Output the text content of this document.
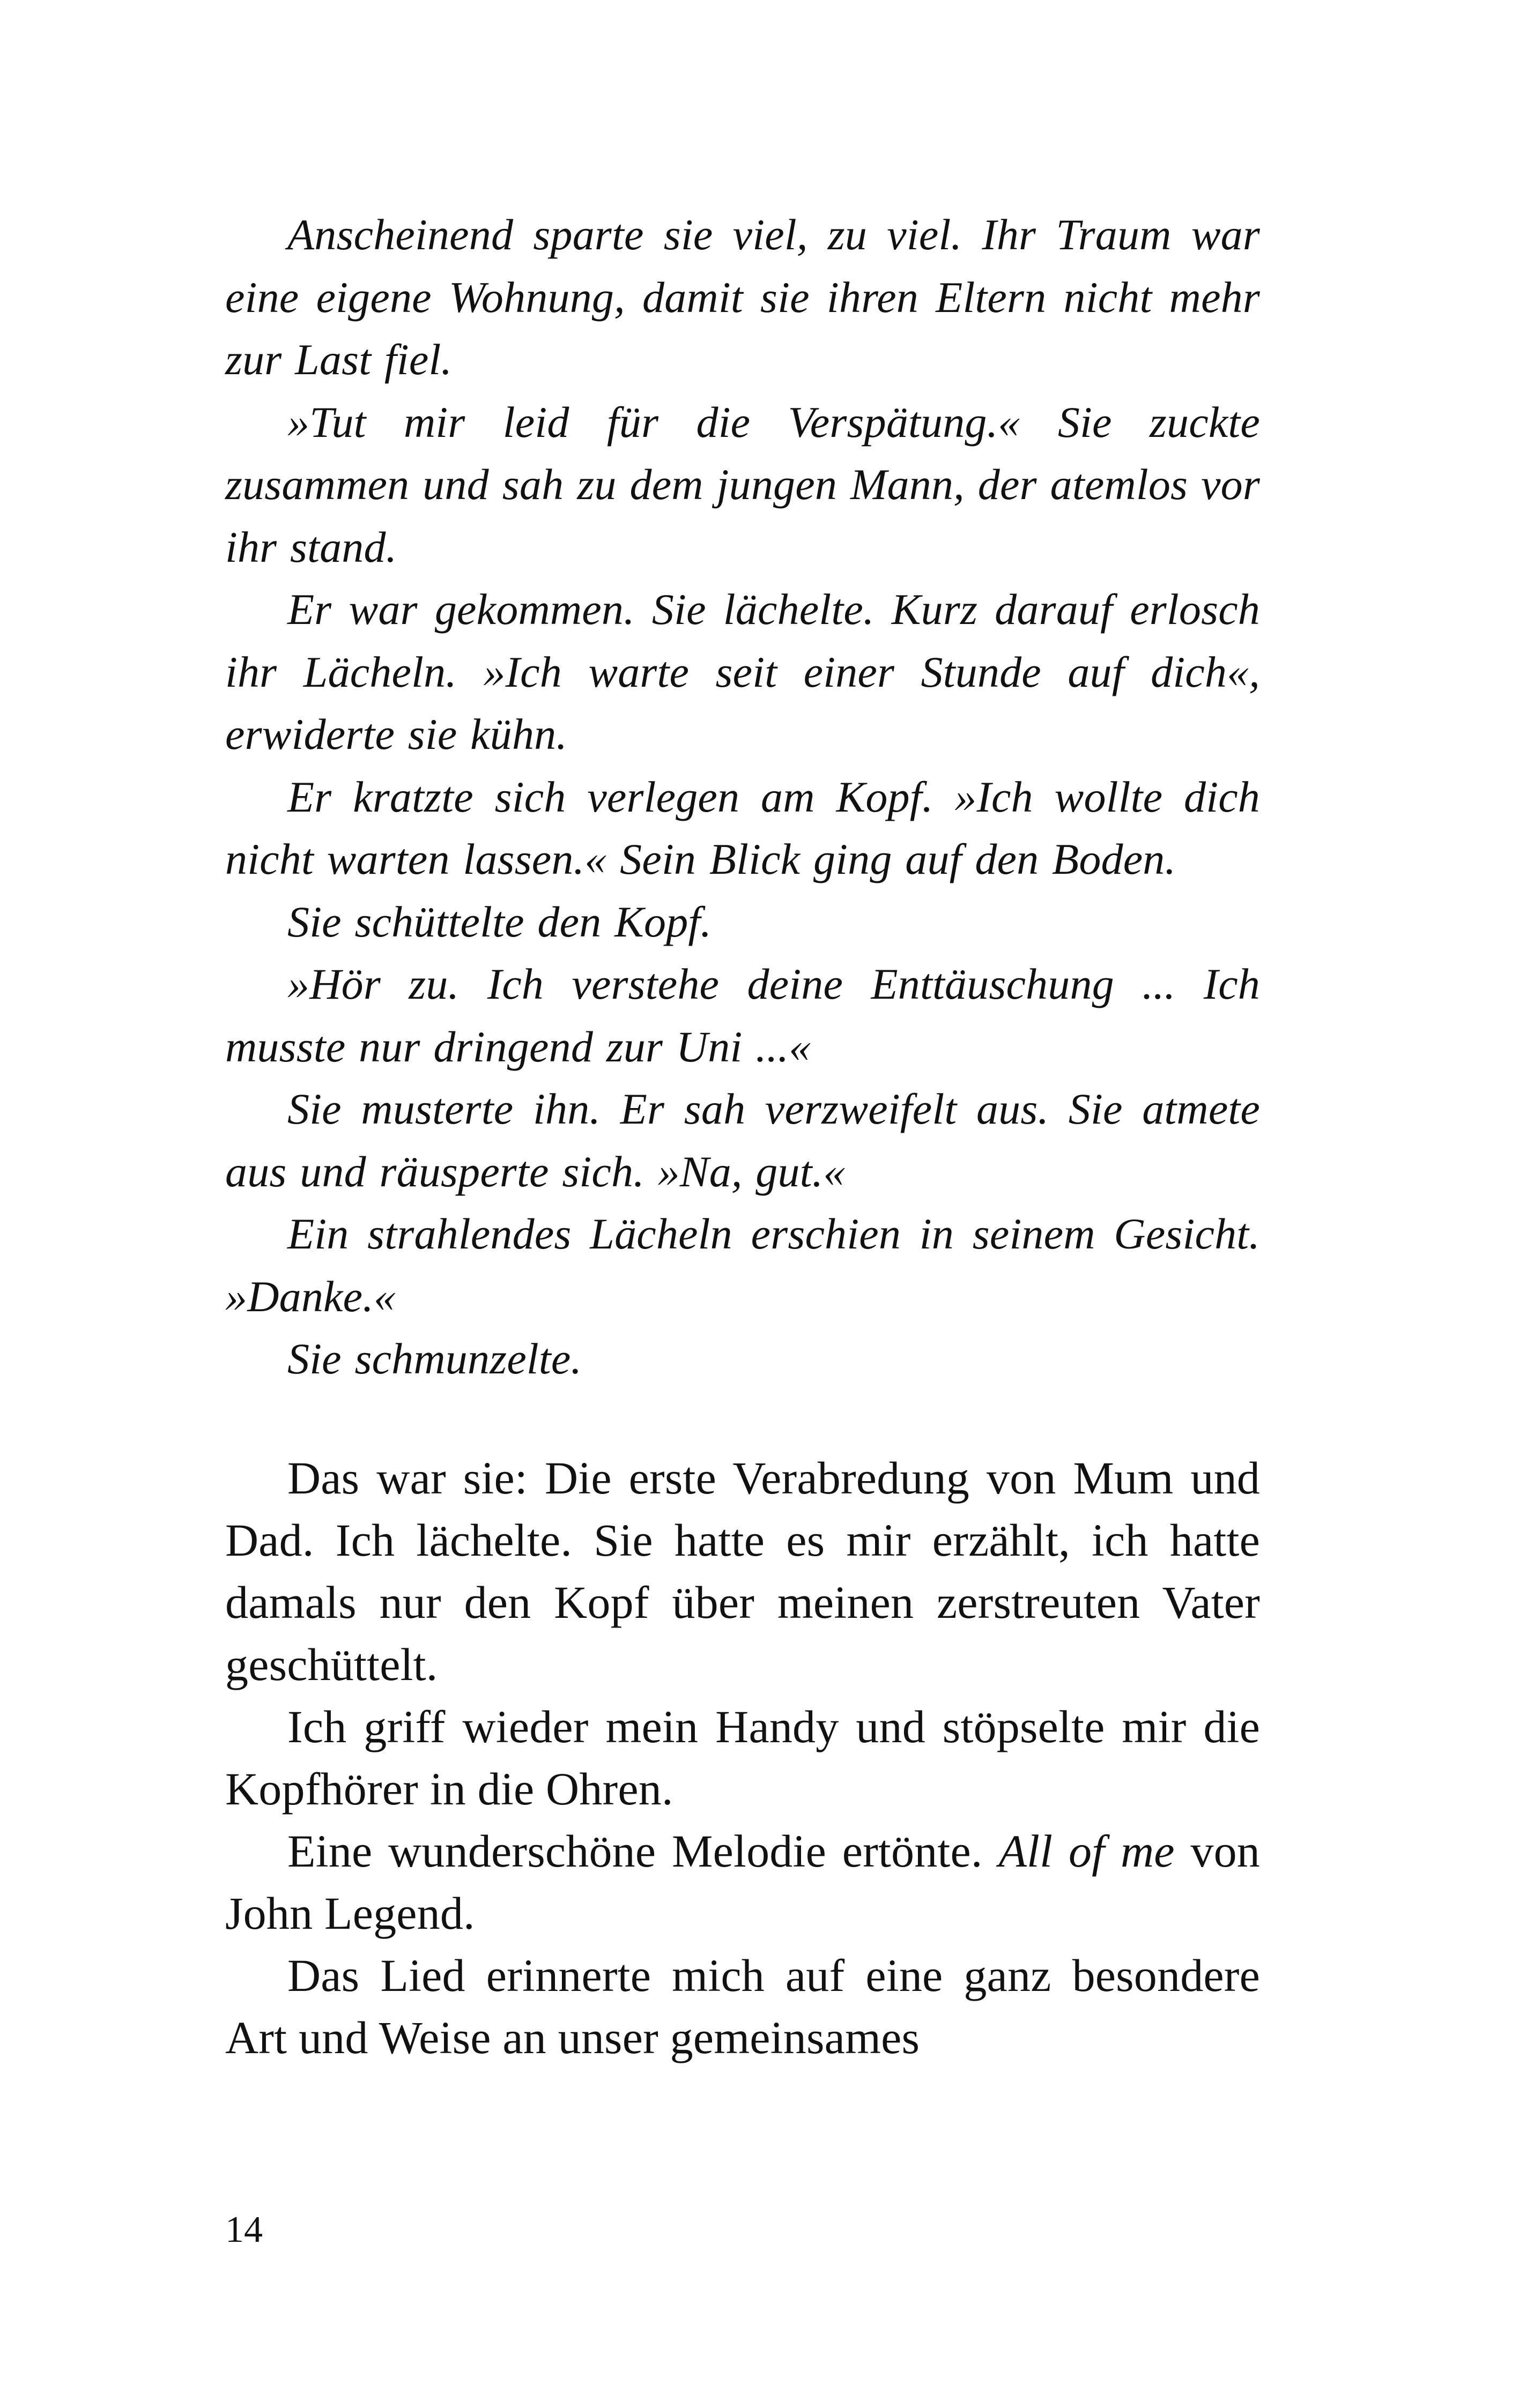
Anscheinend sparte sie viel, zu viel. Ihr Traum war eine eigene Wohnung, damit sie ihren Eltern nicht mehr zur Last fiel.

»Tut mir leid für die Verspätung.« Sie zuckte zusammen und sah zu dem jungen Mann, der atemlos vor ihr stand.

Er war gekommen. Sie lächelte. Kurz darauf erlosch ihr Lächeln. »Ich warte seit einer Stunde auf dich«, erwiderte sie kühn.

Er kratzte sich verlegen am Kopf. »Ich wollte dich nicht warten lassen.« Sein Blick ging auf den Boden.

Sie schüttelte den Kopf.

»Hör zu. Ich verstehe deine Enttäuschung ... Ich musste nur dringend zur Uni ...«

Sie musterte ihn. Er sah verzweifelt aus. Sie atmete aus und räusperte sich. »Na, gut.«

Ein strahlendes Lächeln erschien in seinem Gesicht. »Danke.«

Sie schmunzelte.

Das war sie: Die erste Verabredung von Mum und Dad. Ich lächelte. Sie hatte es mir erzählt, ich hatte damals nur den Kopf über meinen zerstreuten Vater geschüttelt.

Ich griff wieder mein Handy und stöpselte mir die Kopfhörer in die Ohren.

Eine wunderschöne Melodie ertönte. All of me von John Legend.

Das Lied erinnerte mich auf eine ganz besondere Art und Weise an unser gemeinsames

14
